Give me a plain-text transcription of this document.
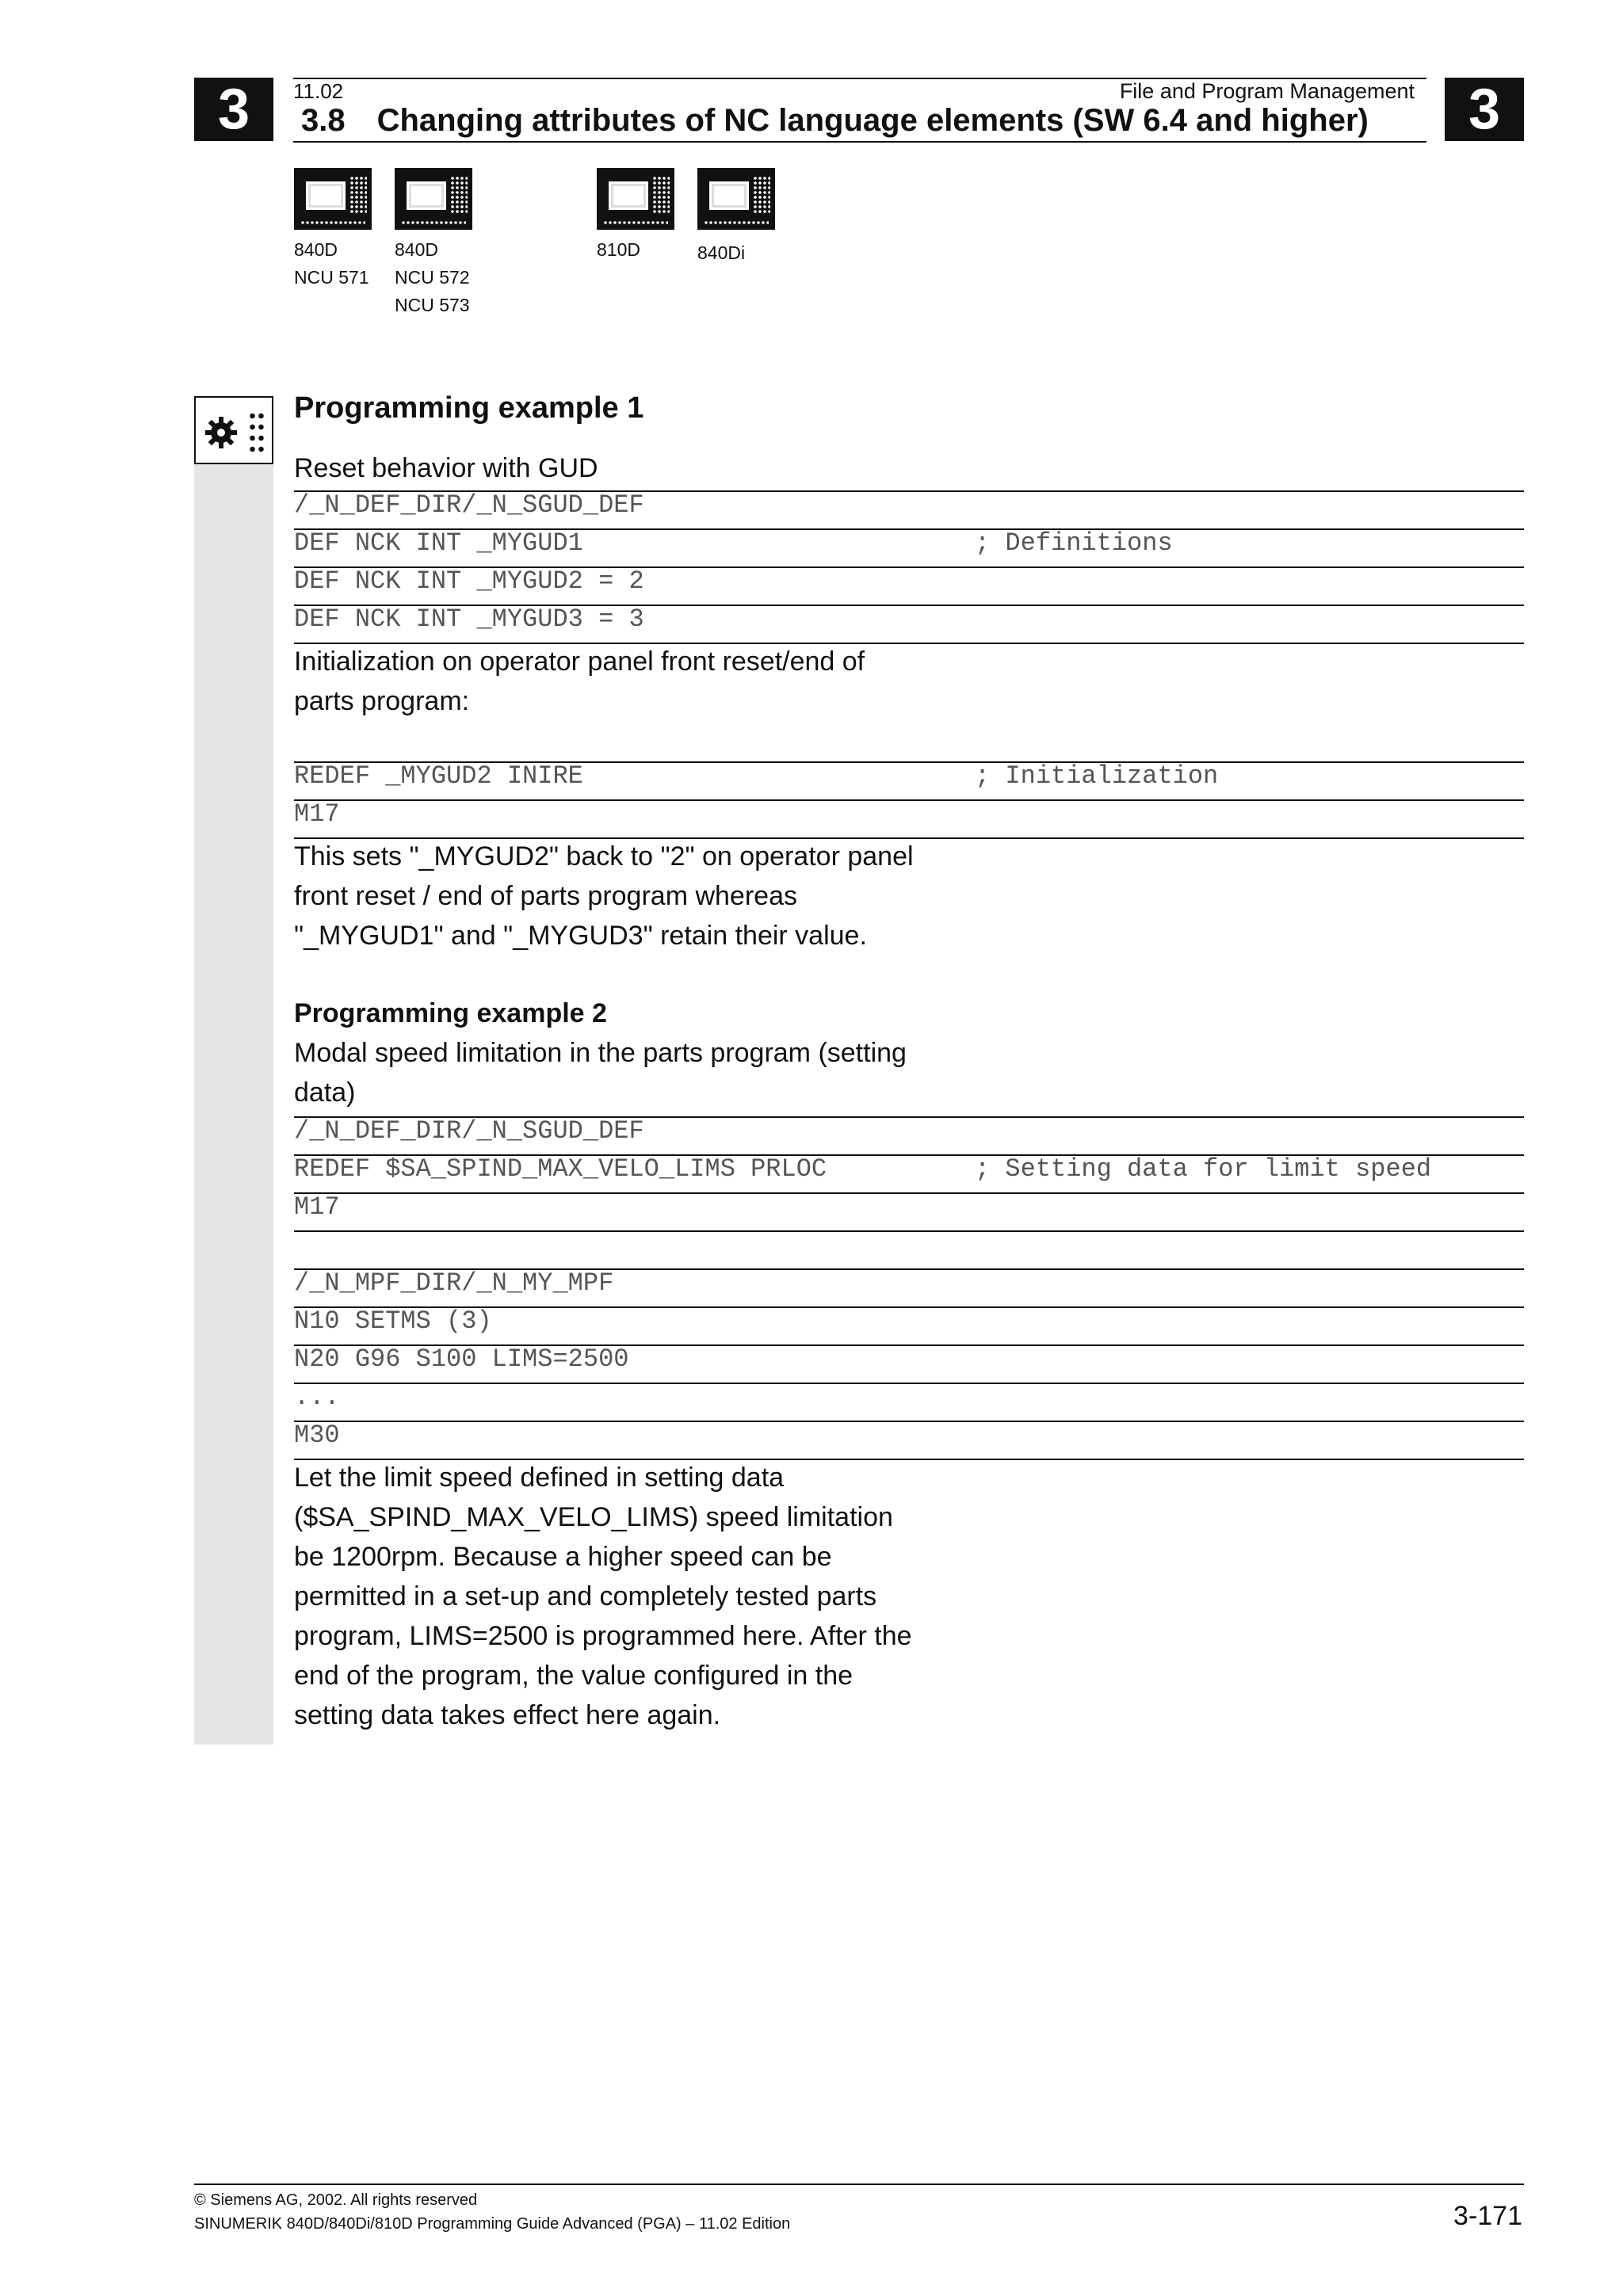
3	3
11.02	File and Program Management
3.8 Changing attributes of NC language elements (SW 6.4 and higher)
840D
NCU 571
840D
NCU 572
NCU 573
810D	840Di
Programming example 1
Reset behavior with GUD
/_N_DEF_DIR/_N_SGUD_DEF
DEF NCK INT _MYGUD1	; Definitions
DEF NCK INT _MYGUD2 = 2
DEF NCK INT _MYGUD3 = 3
Initialization on operator panel front reset/end of
parts program:
REDEF _MYGUD2 INIRE	; Initialization
M17
This sets "_MYGUD2" back to "2" on operator panel
front reset / end of parts program whereas
"_MYGUD1" and "_MYGUD3" retain their value.
Programming example 2
Modal speed limitation in the parts program (setting
data)
/_N_DEF_DIR/_N_SGUD_DEF
REDEF $SA_SPIND_MAX_VELO_LIMS PRLOC	; Setting data for limit speed
M17
/_N_MPF_DIR/_N_MY_MPF
N10 SETMS (3)
N20 G96 S100 LIMS=2500
...
M30
Let the limit speed defined in setting data
($SA_SPIND_MAX_VELO_LIMS) speed limitation
be 1200rpm. Because a higher speed can be
permitted in a set-up and completely tested parts
program, LIMS=2500 is programmed here. After the
end of the program, the value configured in the
setting data takes effect here again.
© Siemens AG, 2002. All rights reserved
SINUMERIK 840D/840Di/810D Programming Guide Advanced (PGA) – 11.02 Edition	3-171
